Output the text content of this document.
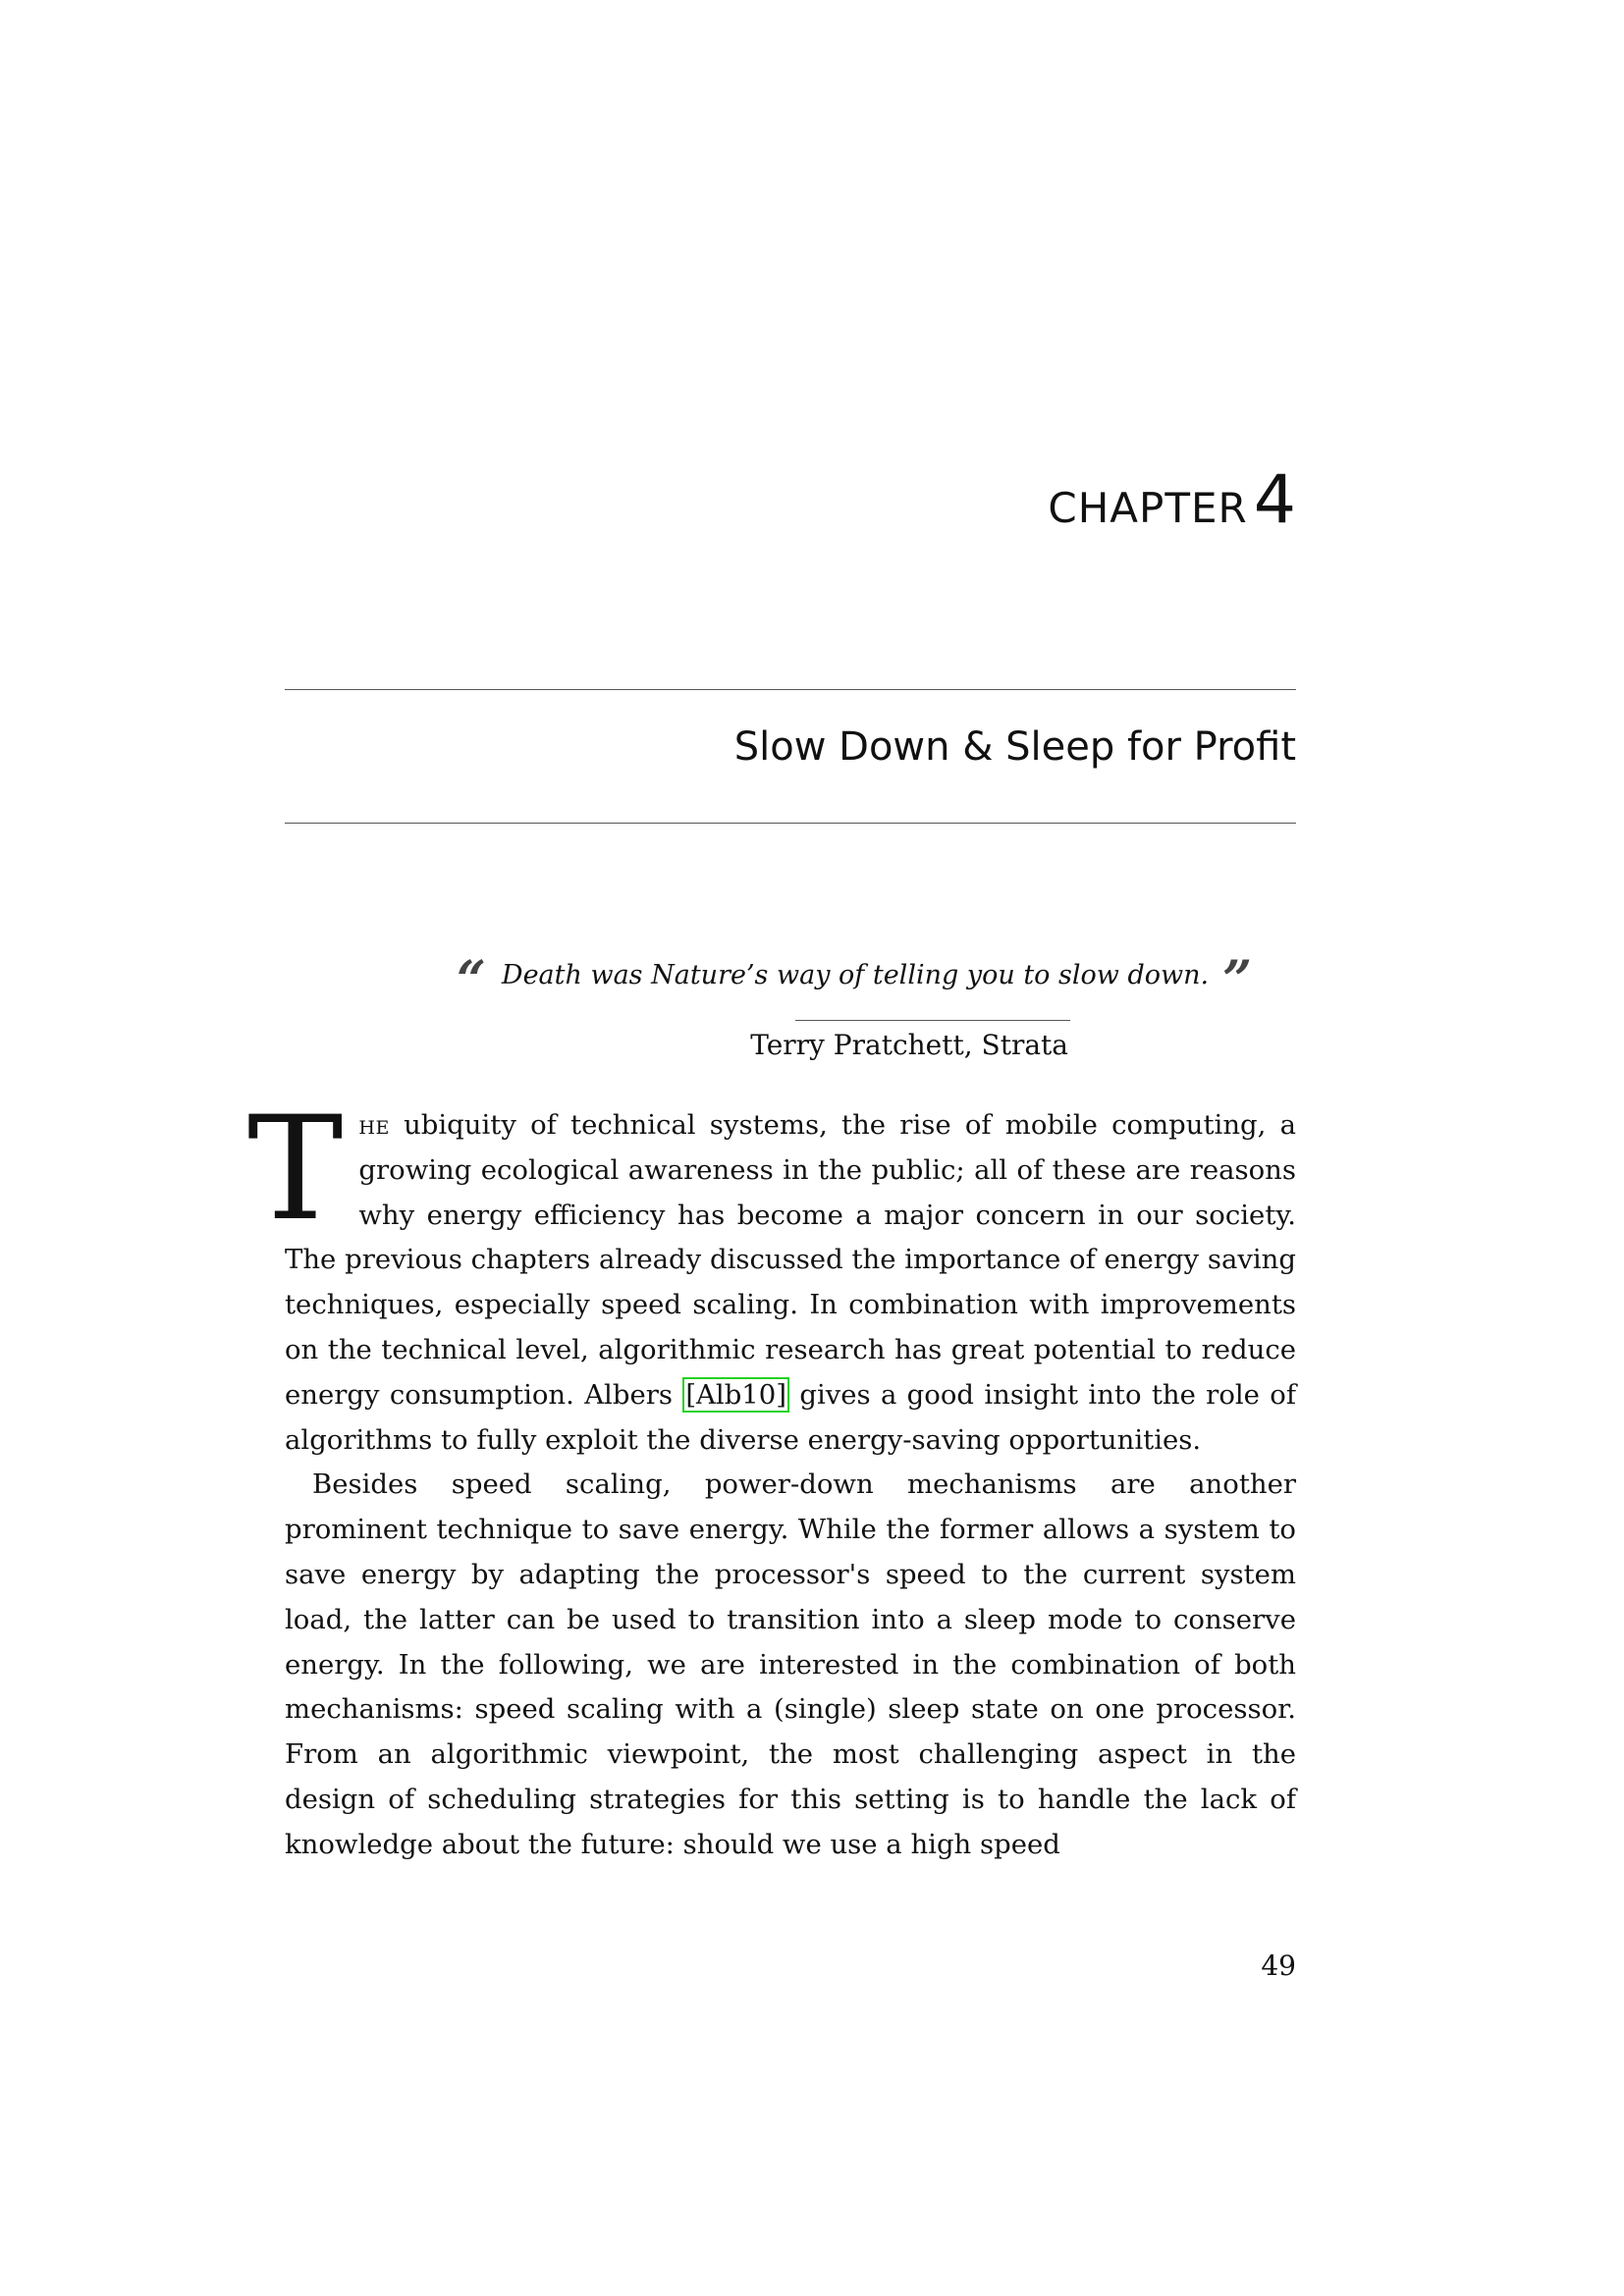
CHAPTER4
Slow Down & Sleep for Profit
“ Death was Nature’s way of telling you to slow down. ”
Terry Pratchett, Strata

The ubiquity of technical systems, the rise of mobile computing, a growing ecological awareness in the public; all of these are reasons why energy efficiency has become a major concern in our society. The previous chapters already discussed the importance of energy saving techniques, especially speed scaling. In combination with improvements on the technical level, algorithmic research has great potential to reduce energy consumption. Albers [Alb10] gives a good insight into the role of algorithms to fully exploit the diverse energy-saving opportunities.

Besides speed scaling, power-down mechanisms are another prominent technique to save energy. While the former allows a system to save energy by adapting the processor's speed to the current system load, the latter can be used to transition into a sleep mode to conserve energy. In the following, we are interested in the combination of both mechanisms: speed scaling with a (single) sleep state on one processor. From an algorithmic viewpoint, the most challenging aspect in the design of scheduling strategies for this setting is to handle the lack of knowledge about the future: should we use a high speed

49
